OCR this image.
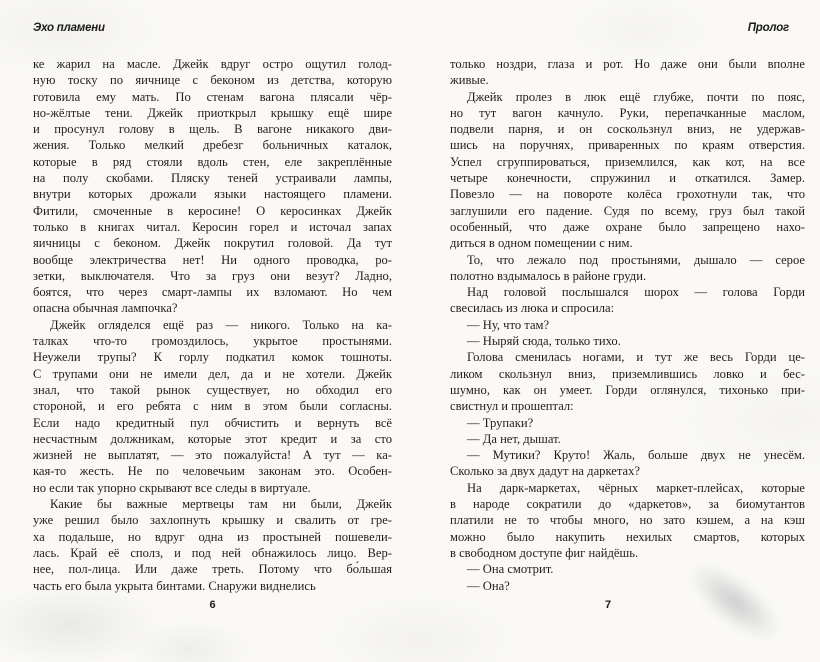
Эхо пламени	Пролог

ке жарил на масле. Джейк вдруг остро ощутил голод-
ную тоску по яичнице с беконом из детства, которую
готовила ему мать. По стенам вагона плясали чёр-
но-жёлтые тени. Джейк приоткрыл крышку ещё шире
и просунул голову в щель. В вагоне никакого дви-
жения. Только мелкий дребезг больничных каталок,
которые в ряд стояли вдоль стен, еле закреплённые
на полу скобами. Пляску теней устраивали лампы,
внутри которых дрожали языки настоящего пламени.
Фитили, смоченные в керосине! О керосинках Джейк
только в книгах читал. Керосин горел и источал запах
яичницы с беконом. Джейк покрутил головой. Да тут
вообще электричества нет! Ни одного проводка, ро-
зетки, выключателя. Что за груз они везут? Ладно,
боятся, что через смарт-лампы их взломают. Но чем
опасна обычная лампочка?

Джейк огляделся ещё раз — никого. Только на ка-
талках что-то громоздилось, укрытое простынями.
Неужели трупы? К горлу подкатил комок тошноты.
С трупами они не имели дел, да и не хотели. Джейк
знал, что такой рынок существует, но обходил его
стороной, и его ребята с ним в этом были согласны.
Если надо кредитный пул обчистить и вернуть всё
несчастным должникам, которые этот кредит и за сто
жизней не выплатят, — это пожалуйста! А тут — ка-
кая-то жесть. Не по человечьим законам это. Особен-
но если так упорно скрывают все следы в виртуале.

Какие бы важные мертвецы там ни были, Джейк
уже решил было захлопнуть крышку и свалить от гре-
ха подальше, но вдруг одна из простыней пошевели-
лась. Край её сполз, и под ней обнажилось лицо. Вер-
нее, пол-лица. Или даже треть. Потому что бо́льшая
часть его была укрыта бинтами. Снаружи виднелись

только ноздри, глаза и рот. Но даже они были вполне
живые.

Джейк пролез в люк ещё глубже, почти по пояс,
но тут вагон качнуло. Руки, перепачканные маслом,
подвели парня, и он соскользнул вниз, не удержав-
шись на поручнях, приваренных по краям отверстия.
Успел сгруппироваться, приземлился, как кот, на все
четыре конечности, спружинил и откатился. Замер.
Повезло — на повороте колёса грохотнули так, что
заглушили его падение. Судя по всему, груз был такой
особенный, что даже охране было запрещено нахо-
диться в одном помещении с ним.

То, что лежало под простынями, дышало — серое
полотно вздымалось в районе груди.

Над головой послышался шорох — голова Горди
свесилась из люка и спросила:

— Ну, что там?

— Ныряй сюда, только тихо.

Голова сменилась ногами, и тут же весь Горди це-
ликом скользнул вниз, приземлившись ловко и бес-
шумно, как он умеет. Горди оглянулся, тихонько при-
свистнул и прошептал:

— Трупаки?

— Да нет, дышат.

— Мутики? Круто! Жаль, больше двух не унесём.
Сколько за двух дадут на даркетах?

На дарк-маркетах, чёрных маркет-плейсах, которые
в народе сократили до «даркетов», за биомутантов
платили не то чтобы много, но зато кэшем, а на кэш
можно было накупить нехилых смартов, которых
в свободном доступе фиг найдёшь.

— Она смотрит.

— Она?

6	7
